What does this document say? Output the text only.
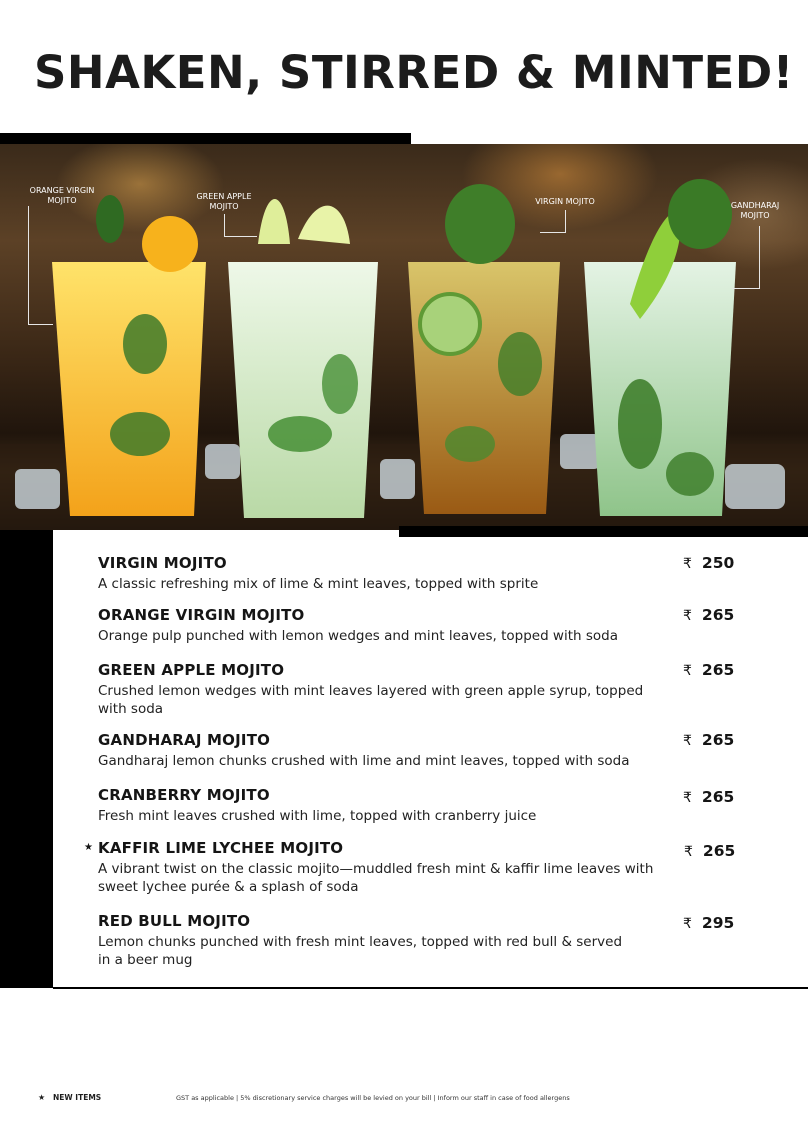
SHAKEN, STIRRED & MINTED!
ORANGE VIRGIN
MOJITO	GREEN APPLE
MOJITO
VIRGIN MOJITO	GANDHARAJ
MOJITO
VIRGIN MOJITO
A classic refreshing mix of lime & mint leaves, topped with sprite
₹ 250
ORANGE VIRGIN MOJITO
Orange pulp punched with lemon wedges and mint leaves, topped with soda
₹ 265
GREEN APPLE MOJITO
Crushed lemon wedges with mint leaves layered with green apple syrup, topped with soda
₹ 265
GANDHARAJ MOJITO
Gandharaj lemon chunks crushed with lime and mint leaves, topped with soda
₹ 265
CRANBERRY MOJITO
Fresh mint leaves crushed with lime, topped with cranberry juice
₹ 265
★ KAFFIR LIME LYCHEE MOJITO
A vibrant twist on the classic mojito—muddled fresh mint & kaffir lime leaves with sweet lychee purée & a splash of soda
₹ 265
RED BULL MOJITO
Lemon chunks punched with fresh mint leaves, topped with red bull & served in a beer mug
₹ 295
★ NEW ITEMS	GST as applicable | 5% discretionary service charges will be levied on your bill | Inform our staff in case of food allergens
